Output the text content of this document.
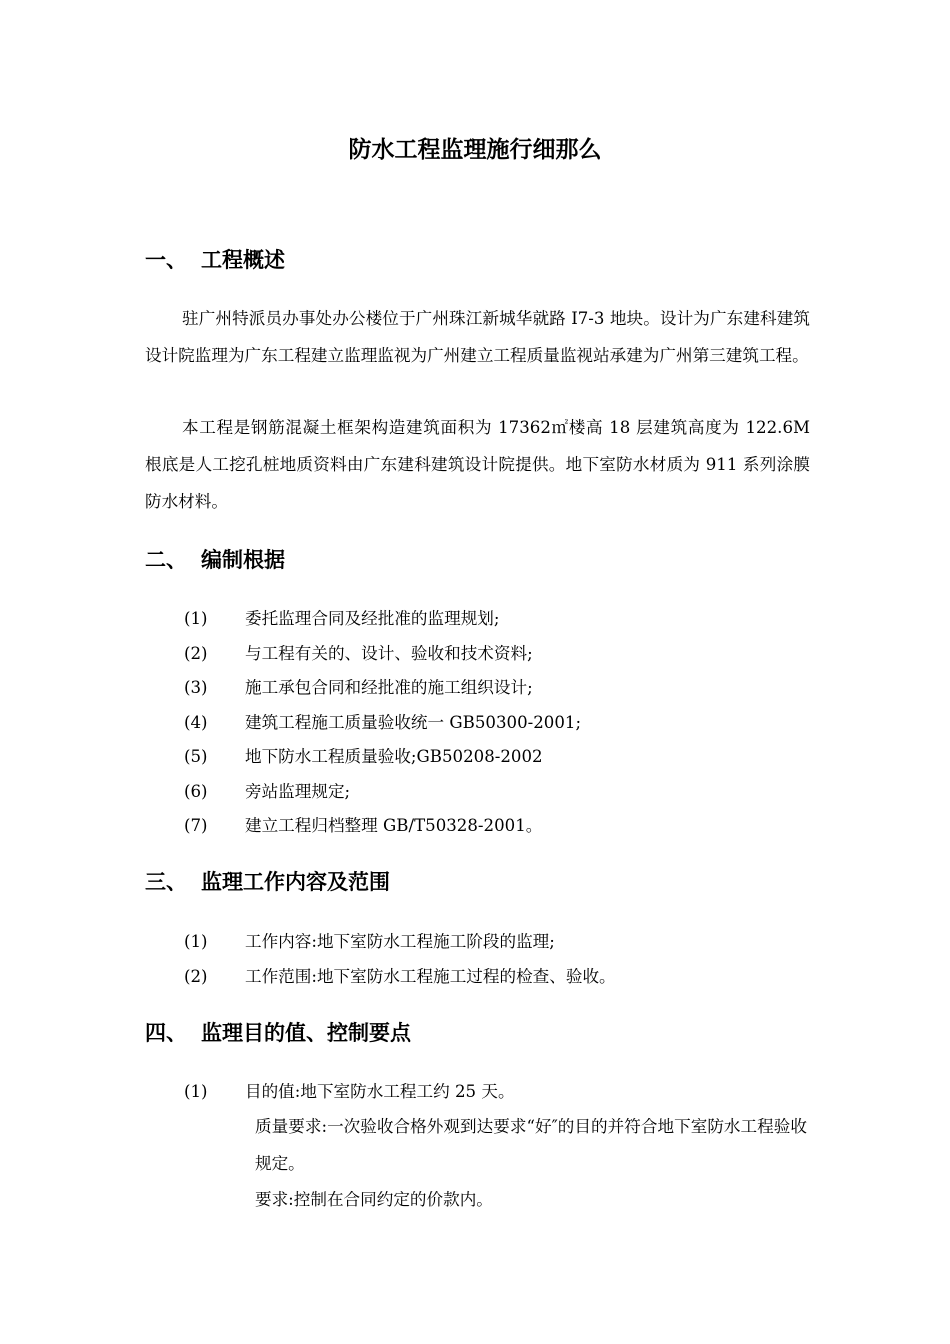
防水工程监理施行细那么
一、 工程概述

驻广州特派员办事处办公楼位于广州珠江新城华就路 I7-3 地块。设计为广东建科建筑设计院监理为广东工程建立监理监视为广州建立工程质量监视站承建为广州第三建筑工程。

本工程是钢筋混凝土框架构造建筑面积为 17362㎡楼高 18 层建筑高度为 122.6M 根底是人工挖孔桩地质资料由广东建科建筑设计院提供。地下室防水材质为 911 系列涂膜防水材料。

二、 编制根据
(1)	委托监理合同及经批准的监理规划;
(2)	与工程有关的、设计、验收和技术资料;
(3)	施工承包合同和经批准的施工组织设计;
(4)	建筑工程施工质量验收统一 GB50300-2001;
(5)	地下防水工程质量验收;GB50208-2002
(6)	旁站监理规定;
(7)	建立工程归档整理 GB/T50328-2001。
三、 监理工作内容及范围
(1)	工作内容:地下室防水工程施工阶段的监理;
(2)	工作范围:地下室防水工程施工过程的检查、验收。
四、 监理目的值、控制要点
(1)	目的值:地下室防水工程工约 25 天。

质量要求:一次验收合格外观到达要求“好″的目的并符合地下室防水工程验收规定。

要求:控制在合同约定的价款内。
